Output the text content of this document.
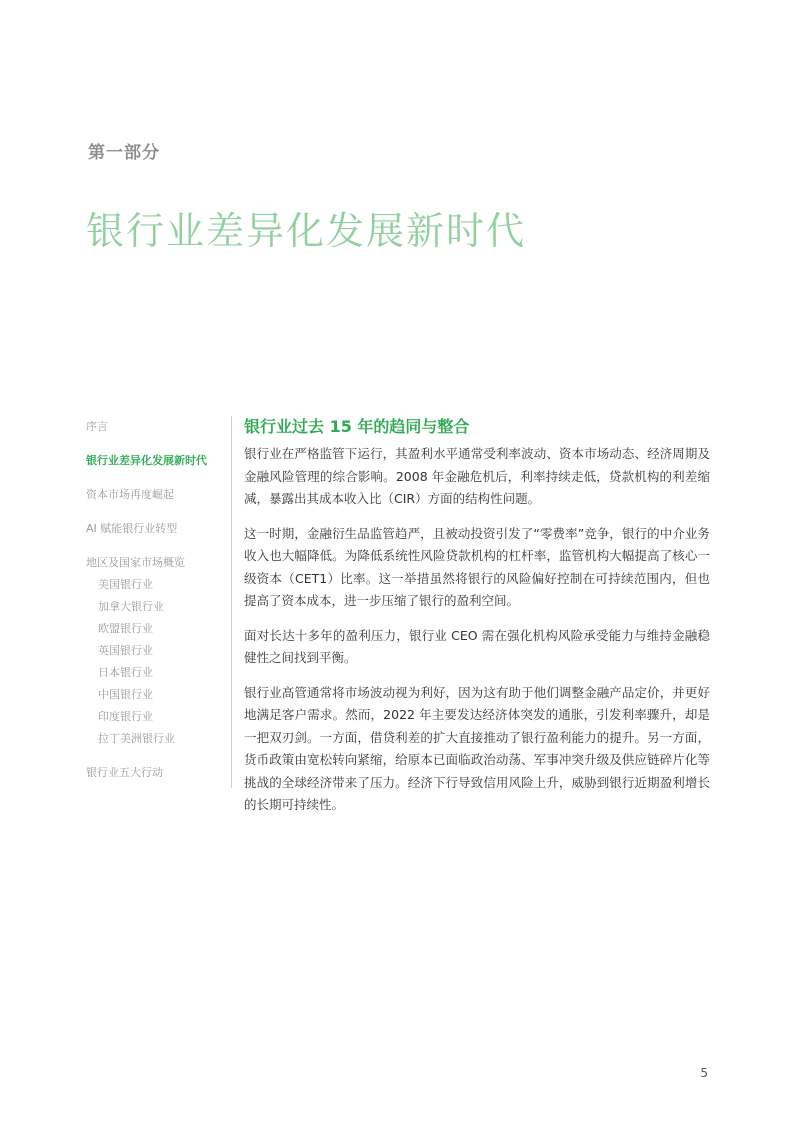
第一部分
银行业差异化发展新时代
序言
银行业差异化发展新时代
资本市场再度崛起
AI 赋能银行业转型
地区及国家市场概览
美国银行业
加拿大银行业
欧盟银行业
英国银行业
日本银行业
中国银行业
印度银行业
拉丁美洲银行业
银行业五大行动
银行业过去 15 年的趋同与整合

银行业在严格监管下运行，其盈利水平通常受利率波动、资本市场动态、经济周期及金融风险管理的综合影响。2008 年金融危机后，利率持续走低，贷款机构的利差缩减，暴露出其成本收入比（CIR）方面的结构性问题。

这一时期，金融衍生品监管趋严，且被动投资引发了“零费率”竞争，银行的中介业务收入也大幅降低。为降低系统性风险贷款机构的杠杆率，监管机构大幅提高了核心一级资本（CET1）比率。这一举措虽然将银行的风险偏好控制在可持续范围内，但也提高了资本成本，进一步压缩了银行的盈利空间。

面对长达十多年的盈利压力，银行业 CEO 需在强化机构风险承受能力与维持金融稳健性之间找到平衡。

银行业高管通常将市场波动视为利好，因为这有助于他们调整金融产品定价，并更好地满足客户需求。然而，2022 年主要发达经济体突发的通胀，引发利率骤升，却是一把双刃剑。一方面，借贷利差的扩大直接推动了银行盈利能力的提升。另一方面，货币政策由宽松转向紧缩，给原本已面临政治动荡、军事冲突升级及供应链碎片化等挑战的全球经济带来了压力。经济下行导致信用风险上升，威胁到银行近期盈利增长的长期可持续性。

5
